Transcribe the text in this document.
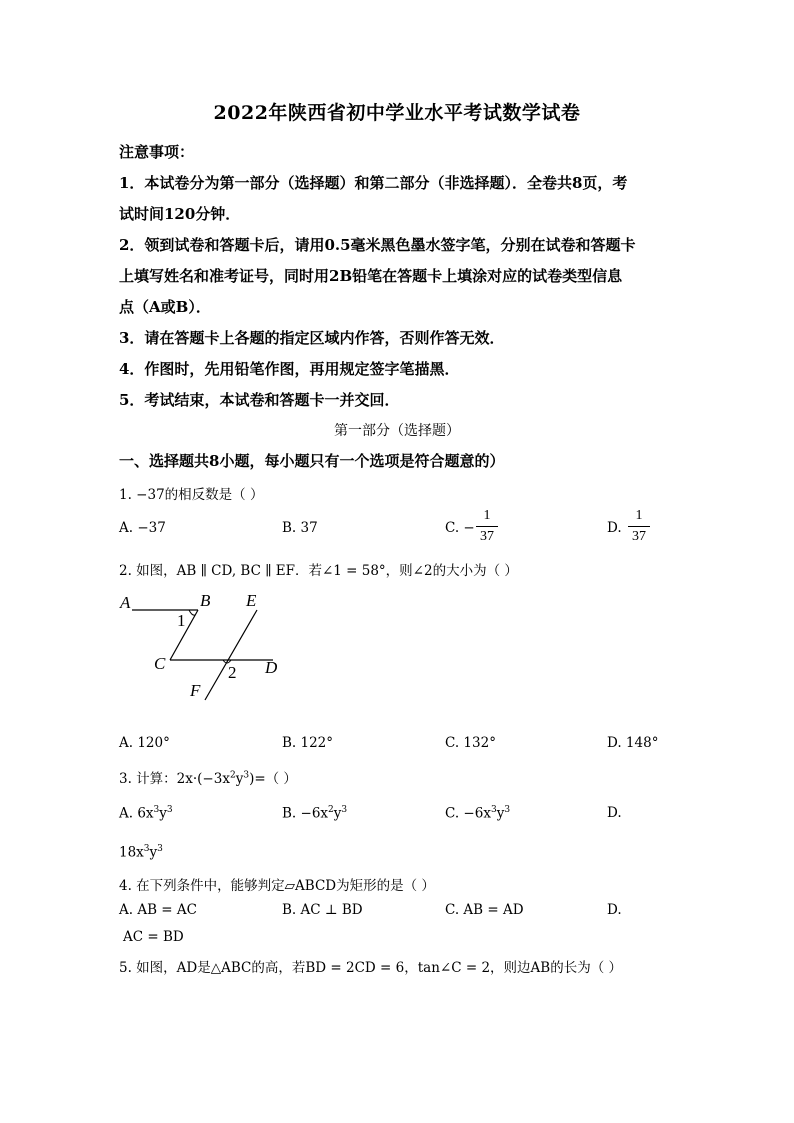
2022年陕西省初中学业水平考试数学试卷
注意事项：
1．本试卷分为第一部分（选择题）和第二部分（非选择题）．全卷共8页，考
试时间120分钟．
2．领到试卷和答题卡后，请用0.5毫米黑色墨水签字笔，分别在试卷和答题卡
上填写姓名和准考证号，同时用2B铅笔在答题卡上填涂对应的试卷类型信息
点（A或B）．
3．请在答题卡上各题的指定区域内作答，否则作答无效．
4．作图时，先用铅笔作图，再用规定签字笔描黑．
5．考试结束，本试卷和答题卡一并交回．
第一部分（选择题）
一、选择题共8小题，每小题只有一个选项是符合题意的）
1. −37的相反数是（ ）
A. −37	B. 37	C. −
1
37
D.
1
37
2. 如图，AB ∥ CD, BC ∥ EF．若∠1 = 58°，则∠2的大小为（ ）
A	B E
1
C	D
2
F
A. 120°	B. 122°	C. 132°	D. 148°
3. 计算：$2x\cdot(-3x^2y^3)=$（ ）
A. $6x^3y^3$	B. $-6x^2y^3$	C. $-6x^3y^3$	D.
$18x^3y^3$
4. 在下列条件中，能够判定▱ABCD为矩形的是（ ）
A. AB = AC	B. AC ⊥ BD	C. AB = AD	D.
AC = BD
5. 如图，AD是△ABC的高，若BD = 2CD = 6，tan∠C = 2，则边AB的长为（ ）
